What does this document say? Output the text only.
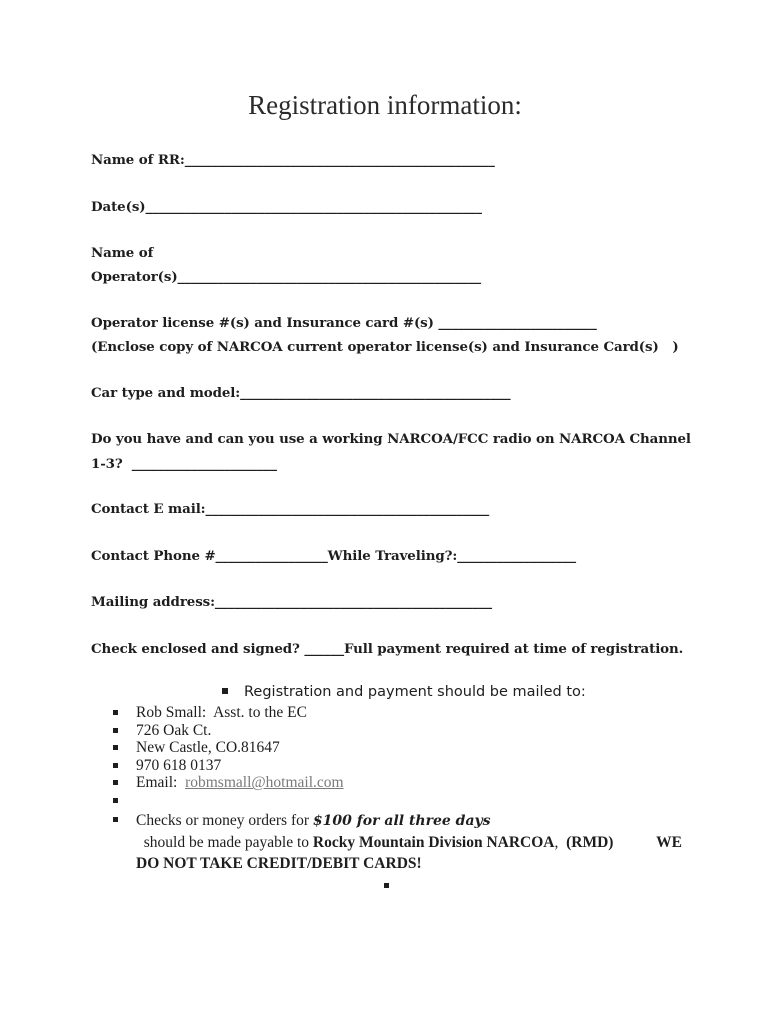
Registration information:
Name of RR:_______________________________________________
Date(s)___________________________________________________
Name of
Operator(s)______________________________________________
Operator license #(s) and Insurance card #(s) ________________________
(Enclose copy of NARCOA current operator license(s) and Insurance Card(s)   )
Car type and model:_________________________________________
Do you have and can you use a working NARCOA/FCC radio on NARCOA Channel
1-3?  ______________________
Contact E mail:___________________________________________
Contact Phone #_________________While Traveling?:__________________
Mailing address:__________________________________________
Check enclosed and signed? ______Full payment required at time of registration.
Registration and payment should be mailed to:
Rob Small:  Asst. to the EC
726 Oak Ct.
New Castle, CO.81647
970 618 0137
Email:  robmsmall@hotmail.com
Checks or money orders for $100 for all three days  should be made payable to Rocky Mountain Division NARCOA,  (RMD)	WE DO NOT TAKE CREDIT/DEBIT CARDS!
